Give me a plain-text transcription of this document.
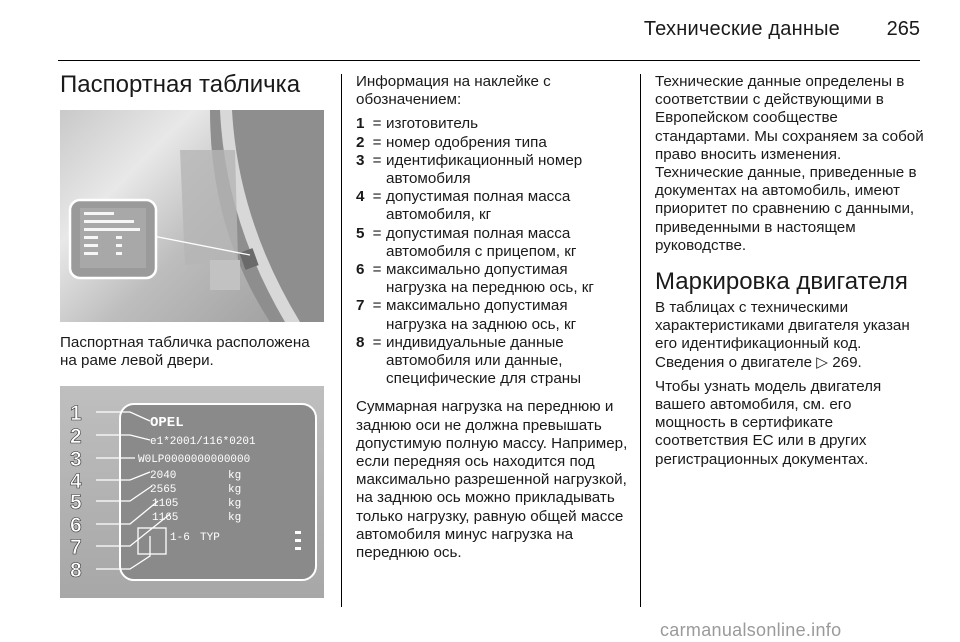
Технические данные	265
Паспортная табличка

Паспортная табличка расположена на раме левой двери.

1
2
3
4
5
6
7
8
OPEL
e1*2001/116*0201
W0LP0000000000000
2040
2565
1105
1165
kg
kg
kg
kg
1-6 TYP

Информация на наклейке с обозначением:

1 = изготовитель
2 = номер одобрения типа
3 = идентификационный номер автомобиля
4 = допустимая полная масса автомобиля, кг
5 = допустимая полная масса автомобиля с прицепом, кг
6 = максимально допустимая нагрузка на переднюю ось, кг
7 = максимально допустимая нагрузка на заднюю ось, кг
8 = индивидуальные данные автомобиля или данные, специфические для страны

Суммарная нагрузка на переднюю и заднюю оси не должна превышать допустимую полную массу. Например, если передняя ось находится под максимально разрешенной нагрузкой, на заднюю ось можно прикладывать только нагрузку, равную общей массе автомобиля минус нагрузка на переднюю ось.

Технические данные определены в соответствии с действующими в Европейском сообществе стандартами. Мы сохраняем за собой право вносить изменения. Технические данные, приведенные в документах на автомобиль, имеют приоритет по сравнению с данными, приведенными в настоящем руководстве.

Маркировка двигателя

В таблицах с техническими характеристиками двигателя указан его идентификационный код. Сведения о двигателе ▷ 269.

Чтобы узнать модель двигателя вашего автомобиля, см. его мощность в сертификате соответствия ЕС или в других регистрационных документах.

carmanualsonline.info
